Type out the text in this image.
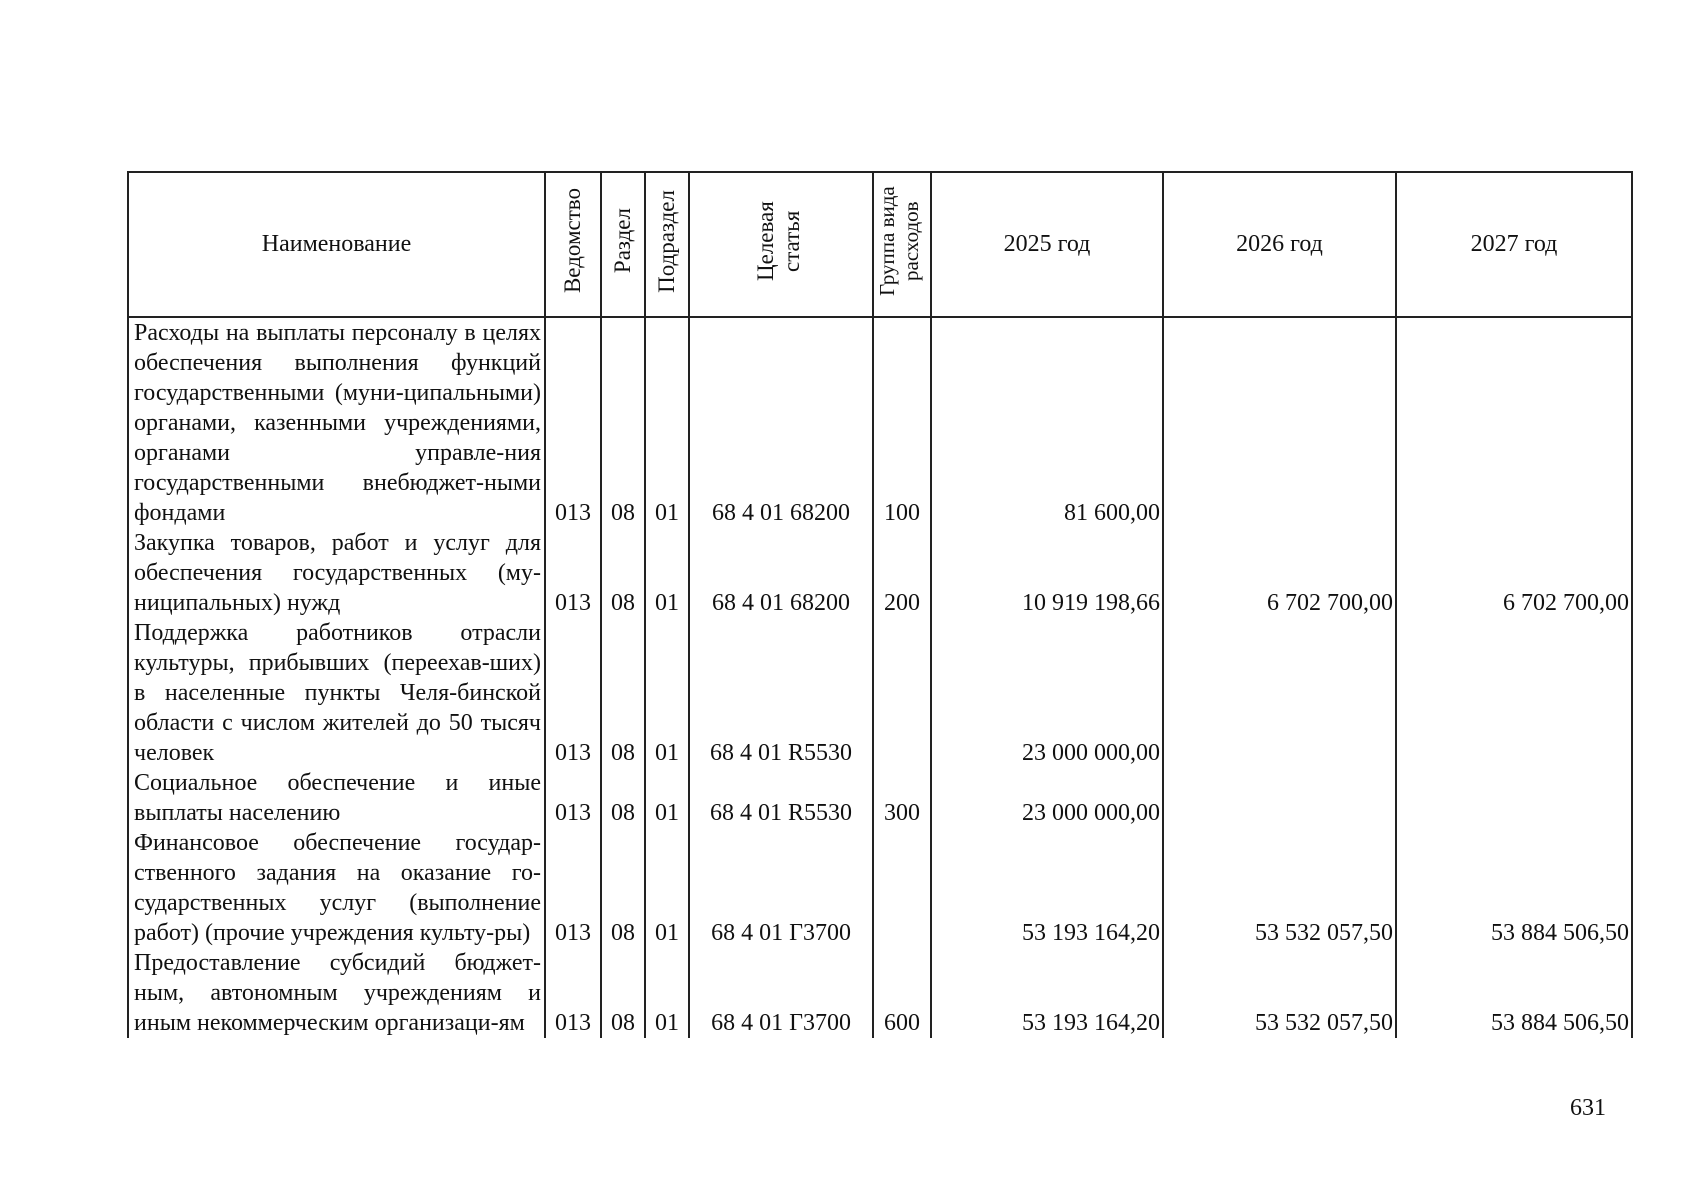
Наименование	Ведомство	Раздел	Подраздел	Целевая статья	Группа вида расходов	2025 год	2026 год	2027 год
Расходы на выплаты персоналу в целях обеспечения выполнения функций государственными (муни-ципальными) органами, казенными учреждениями, органами управле-ния государственными внебюджет-ными фондами	013	08	01	68 4 01 68200	100	81 600,00		
Закупка товаров, работ и услуг для обеспечения государственных (му-ниципальных) нужд	013	08	01	68 4 01 68200	200	10 919 198,66	6 702 700,00	6 702 700,00
Поддержка работников отрасли культуры, прибывших (переехав-ших) в населенные пункты Челя-бинской области с числом жителей до 50 тысяч человек	013	08	01	68 4 01 R5530		23 000 000,00		
Социальное обеспечение и иные выплаты населению	013	08	01	68 4 01 R5530	300	23 000 000,00		
Финансовое обеспечение государ-ственного задания на оказание го-сударственных услуг (выполнение работ) (прочие учреждения культу-ры)	013	08	01	68 4 01 Г3700		53 193 164,20	53 532 057,50	53 884 506,50
Предоставление субсидий бюджет-ным, автономным учреждениям и иным некоммерческим организаци-ям	013	08	01	68 4 01 Г3700	600	53 193 164,20	53 532 057,50	53 884 506,50
631
